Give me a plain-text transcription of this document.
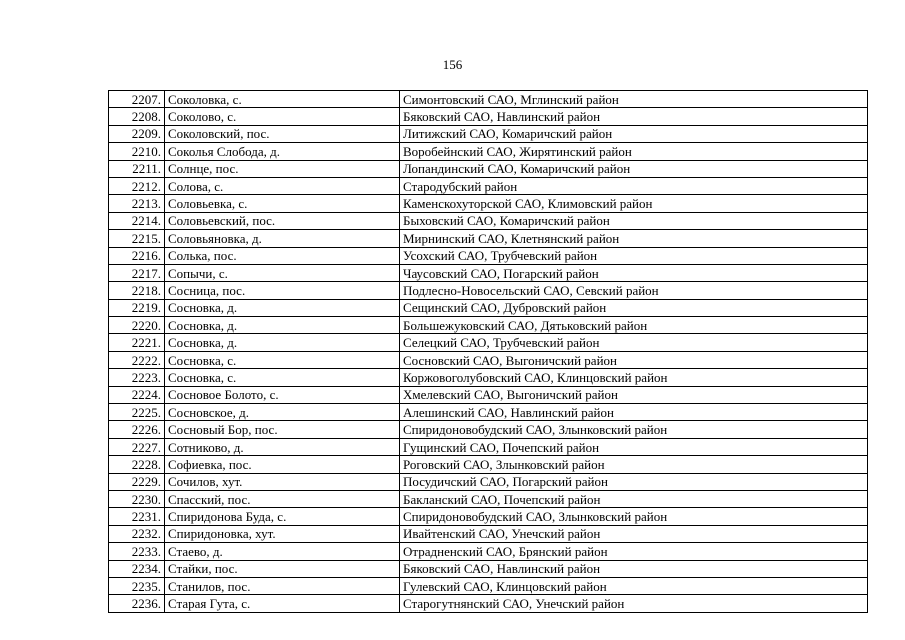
156
2207.	Соколовка, с.	Симонтовский САО, Мглинский район
2208.	Соколово, с.	Бяковский САО, Навлинский район
2209.	Соколовский, пос.	Литижский САО, Комаричский район
2210.	Соколья Слобода, д.	Воробейнский САО, Жирятинский район
2211.	Солнце, пос.	Лопандинский САО, Комаричский район
2212.	Солова, с.	Стародубский район
2213.	Соловьевка, с.	Каменскохуторской САО, Климовский район
2214.	Соловьевский, пос.	Быховский САО, Комаричский район
2215.	Соловьяновка, д.	Мирнинский САО, Клетнянский район
2216.	Солька, пос.	Усохский САО, Трубчевский район
2217.	Сопычи, с.	Чаусовский САО, Погарский район
2218.	Сосница, пос.	Подлесно-Новосельский САО, Севский район
2219.	Сосновка, д.	Сещинский САО, Дубровский район
2220.	Сосновка, д.	Большежуковский САО, Дятьковский район
2221.	Сосновка, д.	Селецкий САО, Трубчевский район
2222.	Сосновка, с.	Сосновский САО, Выгоничский район
2223.	Сосновка, с.	Коржовоголубовский САО, Клинцовский район
2224.	Сосновое Болото, с.	Хмелевский САО, Выгоничский район
2225.	Сосновское, д.	Алешинский САО, Навлинский район
2226.	Сосновый Бор, пос.	Спиридоновобудский САО, Злынковский район
2227.	Сотниково, д.	Гущинский САО, Почепский район
2228.	Софиевка, пос.	Роговский САО, Злынковский район
2229.	Сочилов, хут.	Посудичский САО, Погарский район
2230.	Спасский, пос.	Бакланский САО, Почепский район
2231.	Спиридонова Буда, с.	Спиридоновобудский САО, Злынковский район
2232.	Спиридоновка, хут.	Ивайтенский САО, Унечский район
2233.	Стаево, д.	Отрадненский САО, Брянский район
2234.	Стайки, пос.	Бяковский САО, Навлинский район
2235.	Станилов, пос.	Гулевский САО, Клинцовский район
2236.	Старая Гута, с.	Старогутнянский САО, Унечский район
